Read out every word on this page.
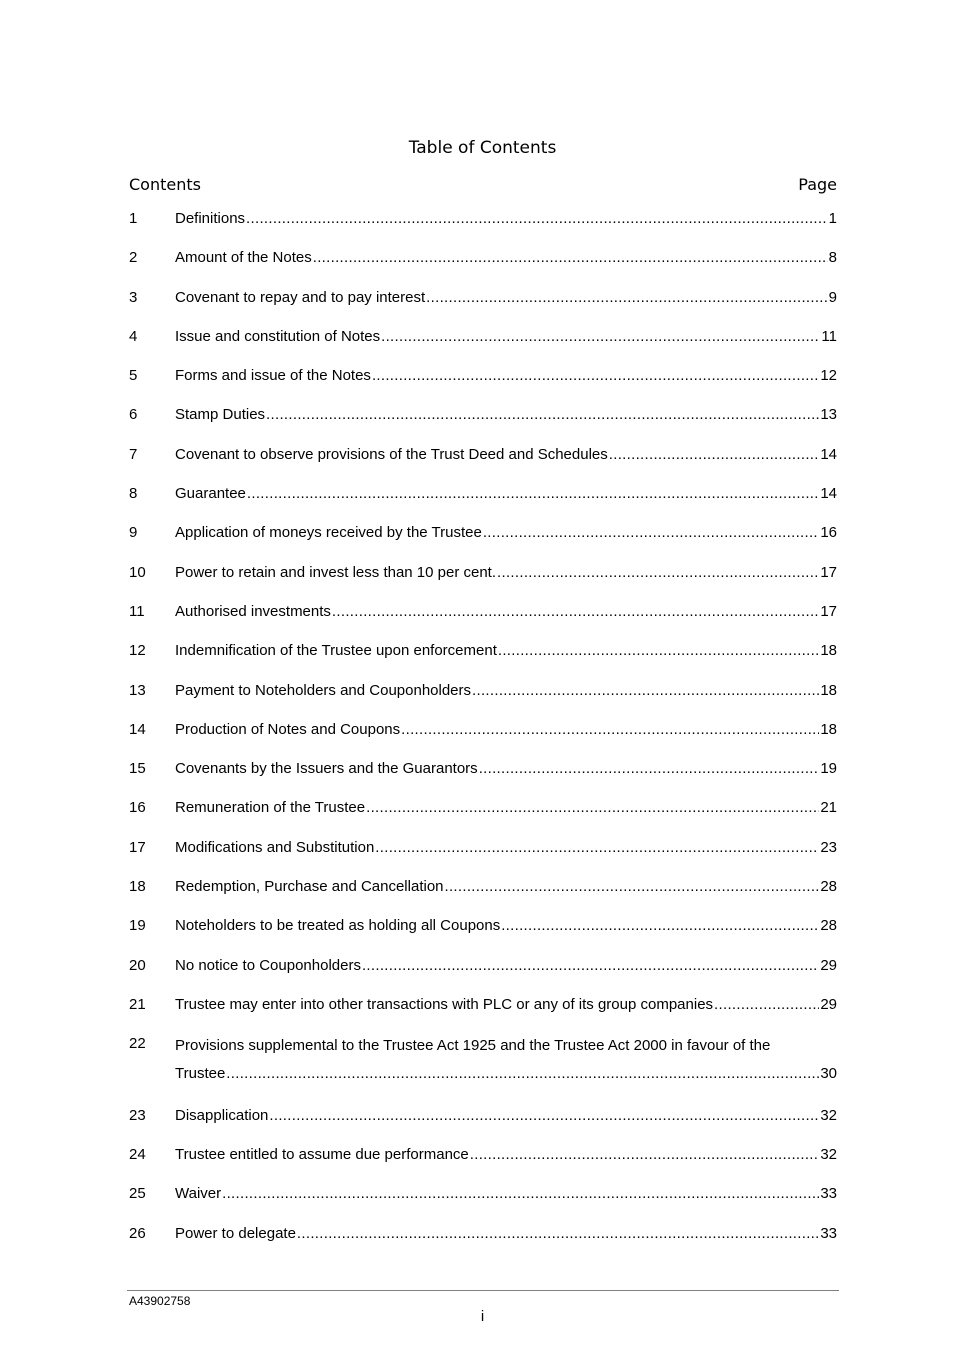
Table of Contents
Contents	Page
1	Definitions .....	1
2	Amount of the Notes .....	8
3	Covenant to repay and to pay interest .....	9
4	Issue and constitution of Notes .....	11
5	Forms and issue of the Notes .....	12
6	Stamp Duties .....	13
7	Covenant to observe provisions of the Trust Deed and Schedules .....	14
8	Guarantee .....	14
9	Application of moneys received by the Trustee .....	16
10	Power to retain and invest less than 10 per cent. .....	17
11	Authorised investments .....	17
12	Indemnification of the Trustee upon enforcement .....	18
13	Payment to Noteholders and Couponholders .....	18
14	Production of Notes and Coupons .....	18
15	Covenants by the Issuers and the Guarantors .....	19
16	Remuneration of the Trustee .....	21
17	Modifications and Substitution .....	23
18	Redemption, Purchase and Cancellation .....	28
19	Noteholders to be treated as holding all Coupons .....	28
20	No notice to Couponholders .....	29
21	Trustee may enter into other transactions with PLC or any of its group companies .....	29
22	Provisions supplemental to the Trustee Act 1925 and the Trustee Act 2000 in favour of the
Trustee .....	30
23	Disapplication .....	32
24	Trustee entitled to assume due performance .....	32
25	Waiver .....	33
26	Power to delegate .....	33
A43902758
i
